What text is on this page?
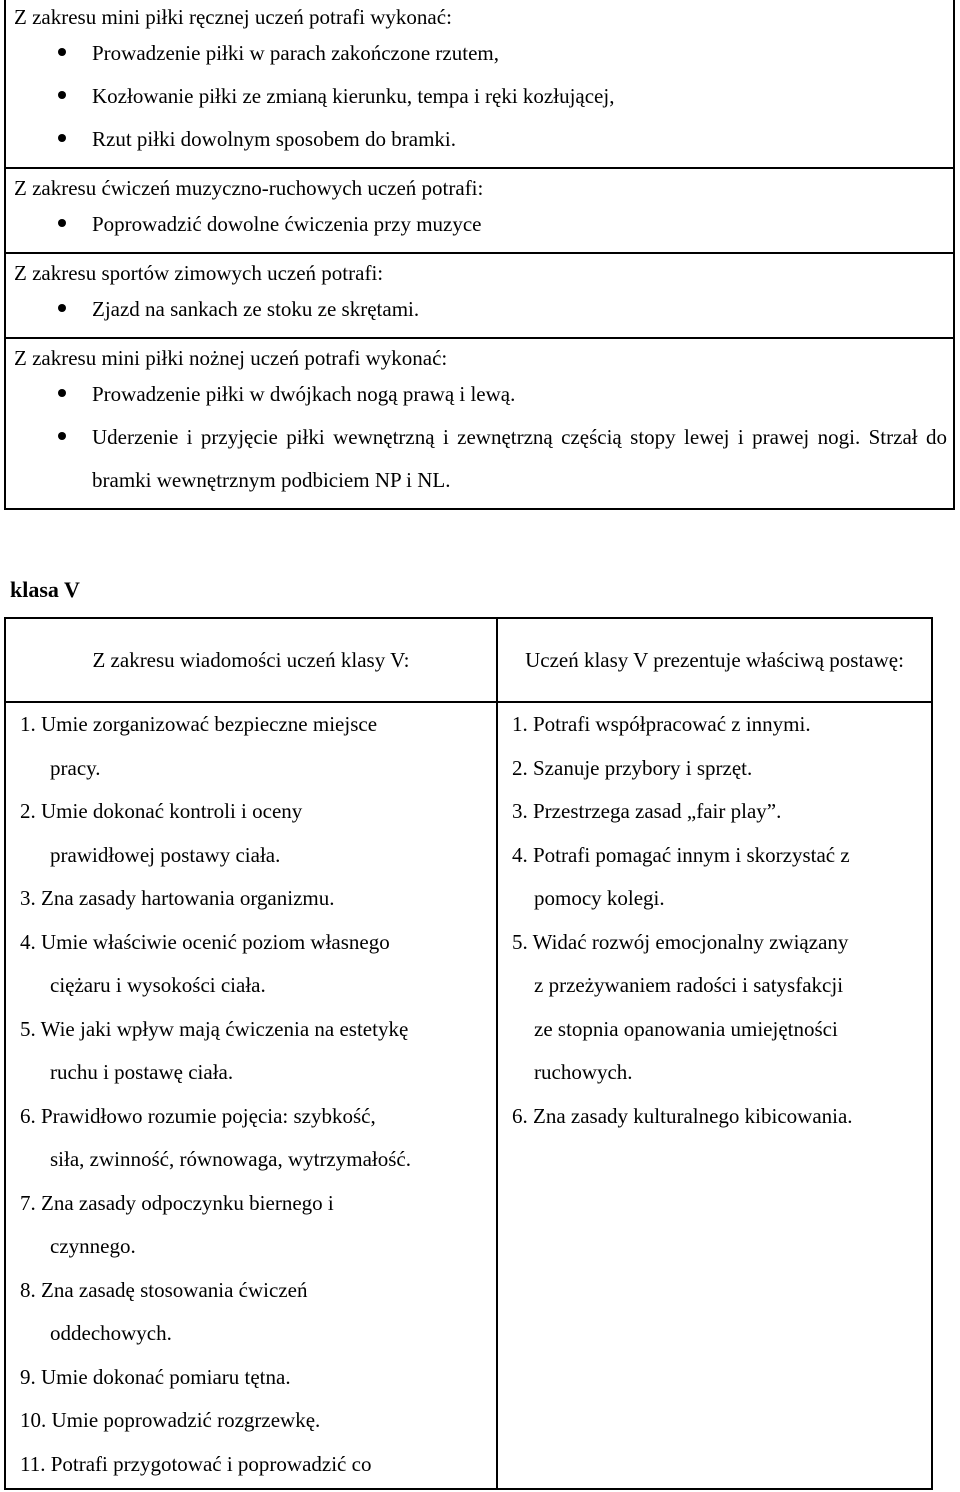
Z zakresu mini piłki ręcznej uczeń potrafi wykonać:

Prowadzenie piłki w parach zakończone rzutem,
Kozłowanie piłki ze zmianą kierunku, tempa i ręki kozłującej,
Rzut piłki dowolnym sposobem do bramki.

Z zakresu ćwiczeń muzyczno-ruchowych uczeń potrafi:

Poprowadzić dowolne ćwiczenia przy muzyce

Z zakresu sportów zimowych uczeń potrafi:

Zjazd na sankach ze stoku ze skrętami.

Z zakresu mini piłki nożnej uczeń potrafi wykonać:

Prowadzenie piłki w dwójkach nogą prawą i lewą.
Uderzenie i przyjęcie piłki wewnętrzną i zewnętrzną częścią stopy lewej i prawej nogi. Strzał do bramki wewnętrznym podbiciem NP i NL.
klasa V
Z zakresu wiadomości uczeń klasy V:	Uczeń klasy V prezentuje właściwą postawę:
1. Umie zorganizować bezpieczne miejsce
pracy.
2. Umie dokonać kontroli i oceny
prawidłowej postawy ciała.
3. Zna zasady hartowania organizmu.
4. Umie właściwie ocenić poziom własnego
ciężaru i wysokości ciała.
5. Wie jaki wpływ mają ćwiczenia na estetykę
ruchu i postawę ciała.
6. Prawidłowo rozumie pojęcia: szybkość,
siła, zwinność, równowaga, wytrzymałość.
7. Zna zasady odpoczynku biernego i
czynnego.
8. Zna zasadę stosowania ćwiczeń
oddechowych.
9. Umie dokonać pomiaru tętna.
10. Umie poprowadzić rozgrzewkę.
11. Potrafi przygotować i poprowadzić co
1. Potrafi współpracować z innymi.
2. Szanuje przybory i sprzęt.
3. Przestrzega zasad „fair play”.
4. Potrafi pomagać innym i skorzystać z
pomocy kolegi.
5. Widać rozwój emocjonalny związany
z przeżywaniem radości i satysfakcji
ze stopnia opanowania umiejętności
ruchowych.
6. Zna zasady kulturalnego kibicowania.
